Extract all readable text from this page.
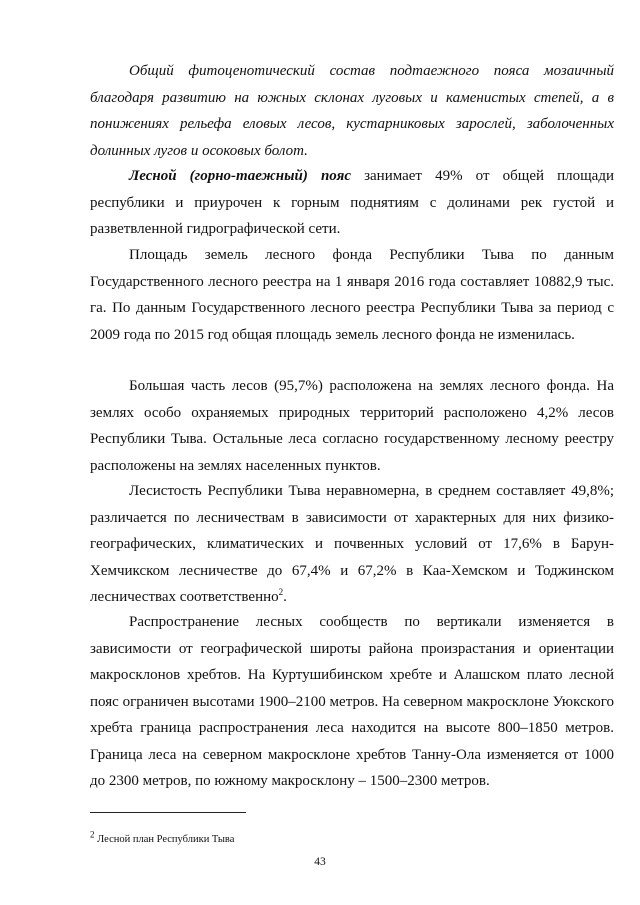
Общий фитоценотический состав подтаежного пояса мозаичный благодаря развитию на южных склонах луговых и каменистых степей, а в понижениях рельефа еловых лесов, кустарниковых зарослей, заболоченных долинных лугов и осоковых болот.

Лесной (горно-таежный) пояс занимает 49% от общей площади республики и приурочен к горным поднятиям с долинами рек густой и разветвленной гидрографической сети.

Площадь земель лесного фонда Республики Тыва по данным Государственного лесного реестра на 1 января 2016 года составляет 10882,9 тыс. га. По данным Государственного лесного реестра Республики Тыва за период с 2009 года по 2015 год общая площадь земель лесного фонда не изменилась.

Большая часть лесов (95,7%) расположена на землях лесного фонда. На землях особо охраняемых природных территорий расположено 4,2% лесов Республики Тыва. Остальные леса согласно государственному лесному реестру расположены на землях населенных пунктов.

Лесистость Республики Тыва неравномерна, в среднем составляет 49,8%; различается по лесничествам в зависимости от характерных для них физико-географических, климатических и почвенных условий от 17,6% в Барун-Хемчикском лесничестве до 67,4% и 67,2% в Каа-Хемском и Тоджинском лесничествах соответственно$^2$.

Распространение лесных сообществ по вертикали изменяется в зависимости от географической широты района произрастания и ориентации макросклонов хребтов. На Куртушибинском хребте и Алашском плато лесной пояс ограничен высотами 1900–2100 метров. На северном макросклоне Уюкского хребта граница распространения леса находится на высоте 800–1850 метров. Граница леса на северном макросклоне хребтов Танну-Ола изменяется от 1000 до 2300 метров, по южному макросклону – 1500–2300 метров.

$^2$ Лесной план Республики Тыва

43
